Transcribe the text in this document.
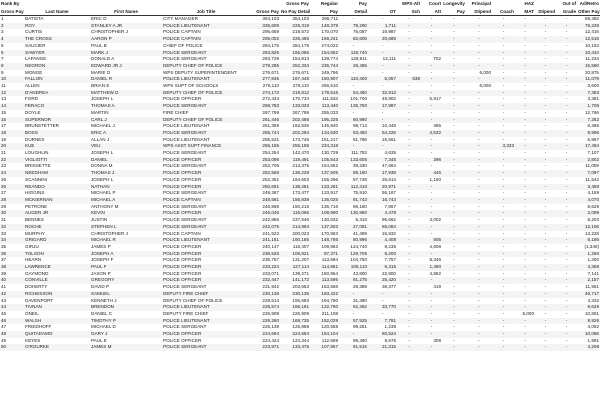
Rank By					Gross Pay	Regular	Pay		WPS-Alt	Court	Longevity	Principal		HAZ		Out of	Ad/Retro
Gross Pay	Last Name	First Name	Job Title	Gross Pay	No Pay Detail	Pay	Detail	OT	Sch	Att	Pay	Stipend	Coach	MAT	Stipend	Grade	Other Pay
1	BATISTA	ERIC D	CITY MANAGER	354,103	354,103	295,711	-	-	-	-	-	-	-	-	-	-	58,392
2	ROY	STANLEY A JR	POLICE LIEUTENANT	335,609	226,319	148,379	79,290	1,711	-	-	-	-	-	-	-	-	76,229
3	CURTIS	CHRISTOPHER J	POLICE CAPTAIN	295,659	219,572	170,070	76,087	16,987	-	-	-	-	-	-	-	-	12,416
4	THE CROSS	AARON P	POLICE CAPTAIN	295,002	225,485	169,241	82,606	20,689	-	-	-	-	-	-	-	-	12,516
5	SAUCIER	PAUL B	CHIEF OF POLICE	284,175	284,175	274,022	-	-	-	-	-	-	-	-	-	-	10,153
6	SAWYER	MARK J	POLICE SERGEANT	283,826	165,086	154,652	118,740	-	-	-	-	-	-	-	-	-	10,434
7	LAPANGE	DONALD A	POLICE SERGEANT	283,729	154,813	129,774	128,911	13,111	-	702	-	-	-	-	-	-	11,234
8	NEGRON	EDWARD JR J	DEPUTY CHIEF OF POLICE	279,285	252,334	236,744	26,455	-	-	-	-	-	-	-	-	-	15,590
9	MONGE	MARIE D	WPS DEPUTY SUPERINTENDENT	276,671	276,671	249,796	-	-	-	-	-	6,000	-	-	-	-	20,875
10	FALLON	DANIEL R	POLICE LIEUTENANT	277,845	167,445	150,907	110,400	5,057	638	-	-	-	-	-	-	-	11,079
11	ALLEN	BRIAN E	WPS SUPT OF SCHOOLS	276,110	276,110	266,510	-	-	-	-	-	6,000	-	-	-	-	3,600
12	D'ANDREA	MATTHEW D	DEPUTY CHIEF OF POLICE	274,172	219,812	179,516	54,460	32,913	-	-	-	-	-	-	-	-	7,383
13	FORD	JOSEPH L	POLICE OFFICER	272,434	170,734	111,533	101,700	49,902	-	5,917	-	-	-	-	-	-	3,381
14	FERACO	THOMAS A	POLICE SERGEANT	268,783	133,033	113,440	135,750	17,887	-	-	-	-	-	-	-	-	1,706
15	DOYLE	MARTIN	FIRE CHIEF	267,799	267,799	255,033	-	-	-	-	-	-	-	-	-	-	12,766
16	SUPERNOR	CARL J	DEPUTY CHIEF OF POLICE	261,446	202,486	195,225	60,960	-	-	-	-	-	-	-	-	-	7,262
17	BRUNSTETTER	MICHAEL J	POLICE LIEUTENANT	261,359	162,545	145,840	98,713	10,448	-	395	-	-	-	-	-	-	6,365
18	BOSS	ERIC A	POLICE SERGEANT	255,744	202,294	134,530	53,450	54,226	-	4,532	-	-	-	-	-	-	8,996
19	DURNES	ALLAN J	POLICE LIEUTENANT	255,531	173,745	151,217	81,786	15,561	-	-	-	-	-	-	-	-	6,967
20	KUE	VEU	WPS ASST SUPT FINANCE	255,165	255,165	234,318	-	-	-	-	-	-	3,333	-	-	-	17,484
21	LOUGHLIN	JOSEPH L	POLICE SERGEANT	254,254	142,470	130,729	111,783	4,635	-	-	-	-	-	-	-	-	7,107
22	VIGLIOTTI	DANIEL	POLICE OFFICER	253,096	119,491	105,543	133,605	7,345	-	296	-	-	-	-	-	-	2,802
23	BRISSETTE	DONNA M	POLICE SERGEANT	252,705	213,375	154,652	39,330	47,664	-	-	-	-	-	-	-	-	11,059
24	NEEDHAM	THOMAS J	POLICE OFFICER	252,569	136,229	137,505	89,160	17,938	-	445	-	-	-	-	-	-	7,097
25	SCANNINI	JOSEPH L	POLICE OFFICER	252,351	194,603	155,296	57,748	26,614	-	1,150	-	-	-	-	-	-	11,543
26	REANDO	NATHAN	POLICE OFFICER	250,691	138,281	133,281	112,410	20,971	-	-	-	-	-	-	-	-	3,459
27	HIGGINS	MICHAEL P	POLICE SERGEANT	249,387	173,477	133,917	75,910	56,167	-	-	-	-	-	-	-	-	4,159
28	MCKIERNAN	MICHAEL A	POLICE CAPTAIN	248,581	156,838	136,025	91,743	16,743	-	-	-	-	-	-	-	-	4,070
29	PETRONE	ANTHONY M	POLICE SERGEANT	246,895	150,215	135,716	96,180	7,867	-	-	-	-	-	-	-	-	6,629
30	AUGER JR	KEVIN	POLICE OFFICER	246,046	115,066	108,990	130,980	4,478	-	-	-	-	-	-	-	-	2,099
31	BENNES	JUSTIN	POLICE SERGEANT	242,856	237,546	130,632	5,310	95,662	-	3,002	-	-	-	-	-	-	8,203
32	ROCHE	STEPHEN L	POLICE SERGEANT	242,075	214,994	137,803	27,081	65,084	-	-	-	-	-	-	-	-	12,106
33	MURPHY	CHRISTOPHER J	POLICE CAPTAIN	241,522	200,023	170,863	41,499	15,932	-	-	-	-	-	-	-	-	13,228
34	GRIGARD	MICHAEL R	POLICE LIEUTENANT	241,161	160,165	148,766	80,996	4,408	-	805	-	-	-	-	-	-	6,186
35	GIRJU	JAMES P	POLICE OFFICER	240,147	116,407	109,953	124,740	8,235	-	4,608	-	-	-	-	-	-	(1,340)
36	TOLSON	JOSEPH A	POLICE OFFICER	236,526	106,821	97,371	129,705	8,200	-	-	-	-	-	-	-	-	1,250
37	HEARN	JOSEPH F	POLICE OFFICER	235,757	131,207	113,594	104,750	7,757	-	8,346	-	-	-	-	-	-	1,300
38	LAWRENCE	PAUL F	POLICE OFFICER	233,224	127,114	114,951	106,110	6,315	-	1,490	-	-	-	-	-	-	4,358
39	GAYMOND	JASON P	POLICE OFFICER	233,071	139,271	150,954	43,800	22,800	-	4,862	-	-	-	-	-	-	7,141
40	CONVILLE	GREGORY	POLICE OFFICER	232,447	141,172	113,595	91,275	25,420	-	-	-	-	-	-	-	-	2,157
41	DOHERTY	DAVID P	POLICE SERGEANT	231,942	203,553	153,566	28,389	38,377	-	419	-	-	-	-	-	-	11,961
42	RICHESSON	SAMUEL	DEPUTY FIRE CHIEF	230,136	230,136	183,422	-	-	-	-	-	-	-	-	-	-	46,717
43	DAVENPORT	KENNETH J	DEPUTY CHIEF OF POLICE	228,514	155,683	194,790	31,380	-	-	-	-	-	-	-	-	-	4,332
44	TIVNAN	BRENDON	POLICE LIEUTENANT	225,574	166,181	122,760	62,392	33,770	-	-	-	-	-	-	-	-	9,629
45	ONEIL	DANIEL C	DEPUTY FIRE CHIEF	226,909	226,909	211,108	-	-	-	-	-	-	-	5,000	-	-	10,801
46	WALSH	TIMOTHY P	POLICE LIEUTENANT	226,260	168,735	152,029	57,525	7,781	-	-	-	-	-	-	-	-	8,926
47	FRIEDHOFF	MICHAEL D	POLICE SERGEANT	225,139	125,888	120,558	99,251	1,238	-	-	-	-	-	-	-	-	4,092
48	QUITADAMO	GARY J	POLICE OFFICER	224,694	224,694	154,104	-	60,524	-	-	-	-	-	-	-	-	10,066
49	KEYES	PAUL E	POLICE OFFICER	224,424	124,344	112,669	99,360	9,676	-	308	-	-	-	-	-	-	1,991
50	O'ROURKE	JAMES M	POLICE SERGEANT	223,971	133,476	107,957	91,515	21,315	-	-	-	-	-	-	-	-	4,208
